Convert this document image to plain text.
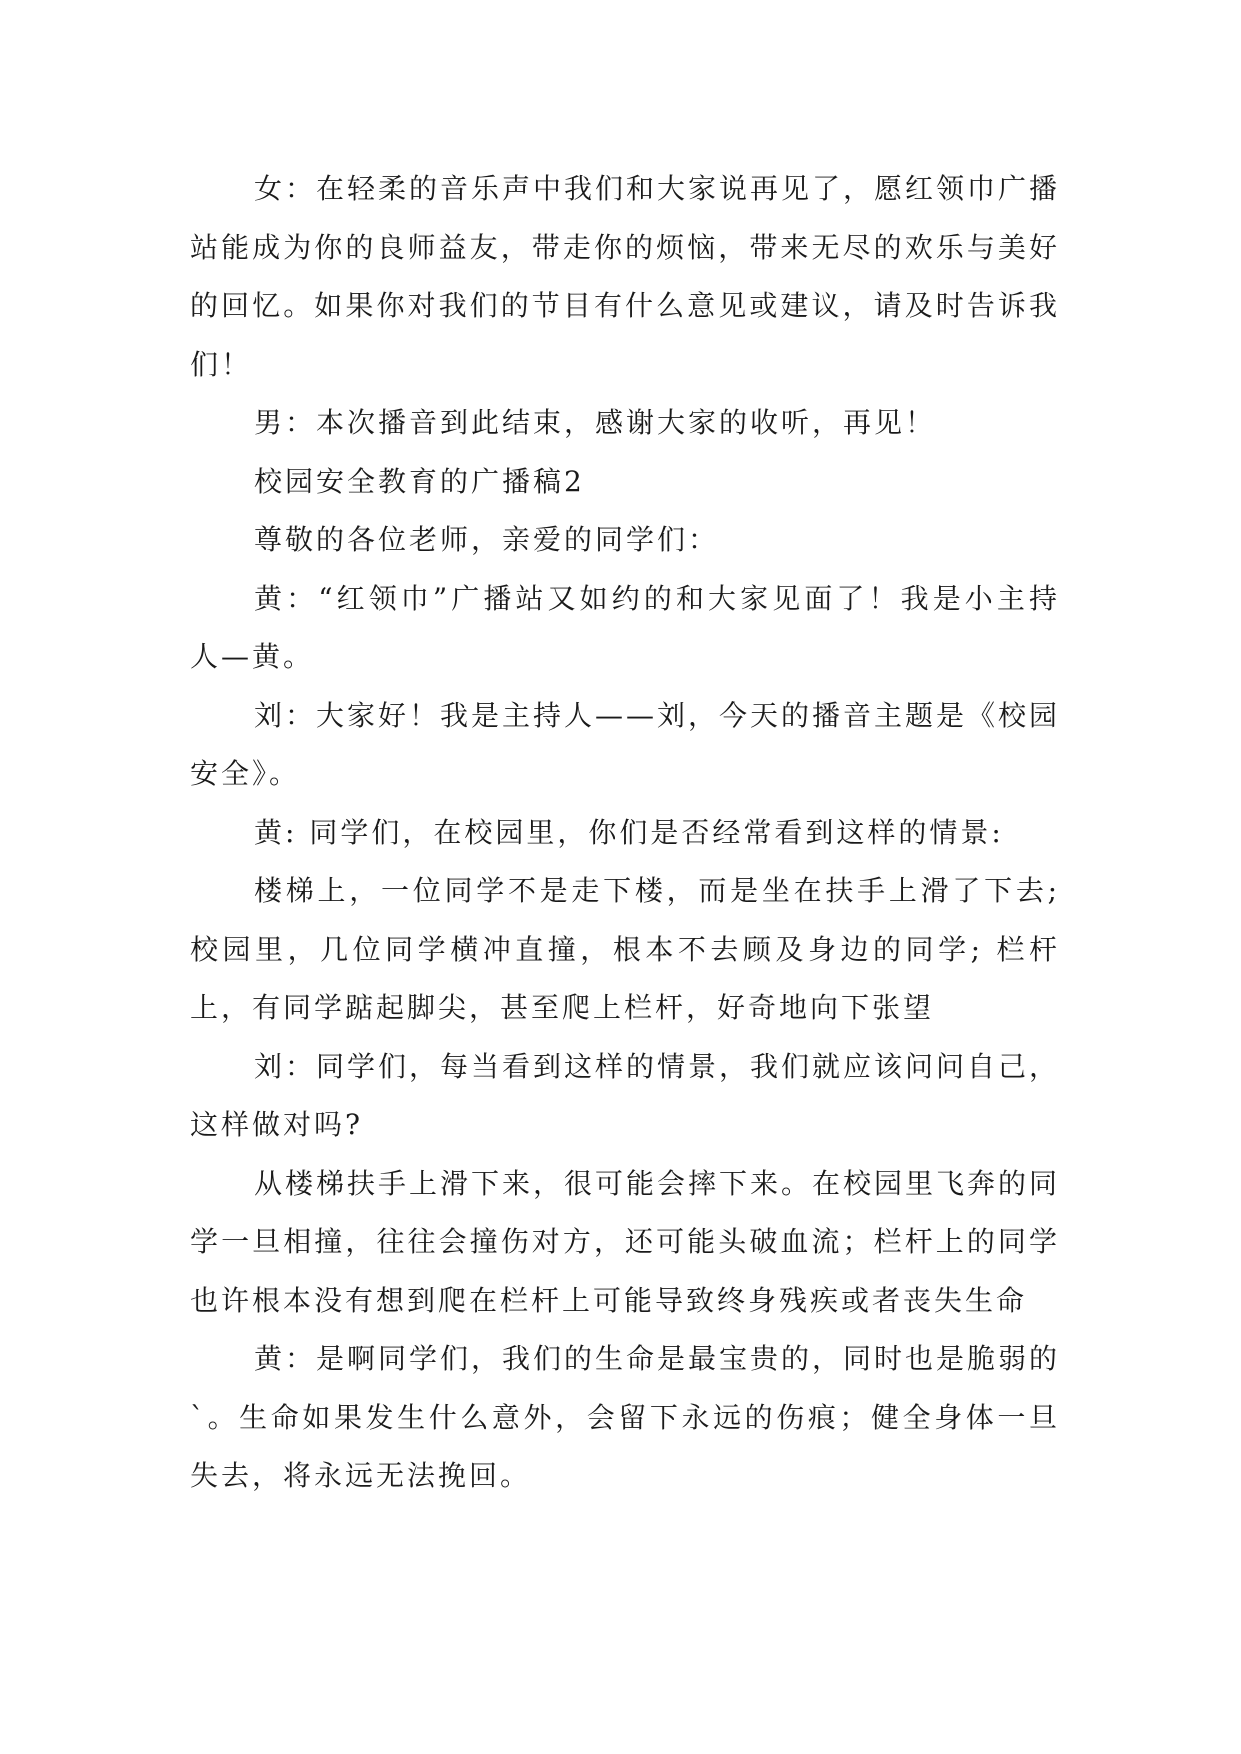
女：在轻柔的音乐声中我们和大家说再见了，愿红领巾广播站能成为你的良师益友，带走你的烦恼，带来无尽的欢乐与美好的回忆。如果你对我们的节目有什么意见或建议，请及时告诉我们！

男：本次播音到此结束，感谢大家的收听，再见！

校园安全教育的广播稿2

尊敬的各位老师，亲爱的同学们：

黄：“红领巾”广播站又如约的和大家见面了！我是小主持人—黄。

刘：大家好！我是主持人——刘，今天的播音主题是《校园安全》。

黄: 同学们，在校园里，你们是否经常看到这样的情景:

楼梯上，一位同学不是走下楼，而是坐在扶手上滑了下去; 校园里，几位同学横冲直撞，根本不去顾及身边的同学; 栏杆上，有同学踮起脚尖，甚至爬上栏杆，好奇地向下张望

刘：同学们，每当看到这样的情景，我们就应该问问自己，这样做对吗?

从楼梯扶手上滑下来，很可能会摔下来。在校园里飞奔的同学一旦相撞，往往会撞伤对方，还可能头破血流；栏杆上的同学也许根本没有想到爬在栏杆上可能导致终身残疾或者丧失生命

黄：是啊同学们，我们的生命是最宝贵的，同时也是脆弱的`。生命如果发生什么意外，会留下永远的伤痕；健全身体一旦失去，将永远无法挽回。
